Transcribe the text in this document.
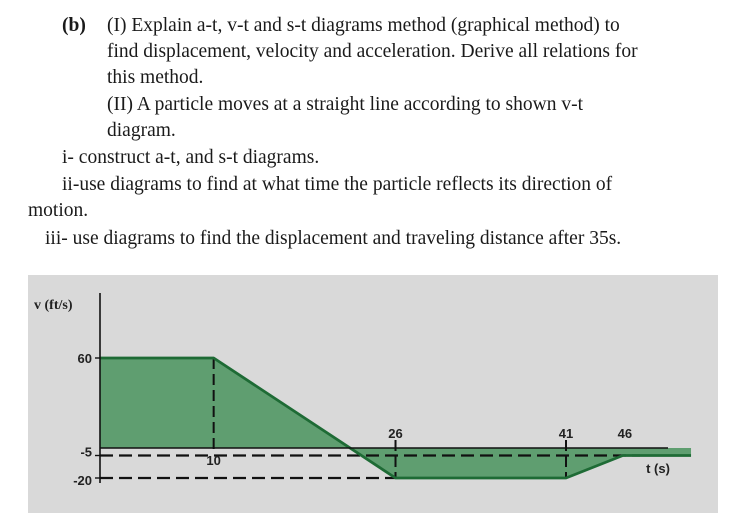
(b) (I) Explain a-t, v-t and s-t diagrams method (graphical method) to
find displacement, velocity and acceleration. Derive all relations for
this method.
(II) A particle moves at a straight line according to shown v-t
diagram.
i- construct a-t, and s-t diagrams.
ii-use diagrams to find at what time the particle reflects its direction of
motion.
iii- use diagrams to find the displacement and traveling distance after 35s.
60
-5
-20
10
26	41	46
v (ft/s)
t (s)
